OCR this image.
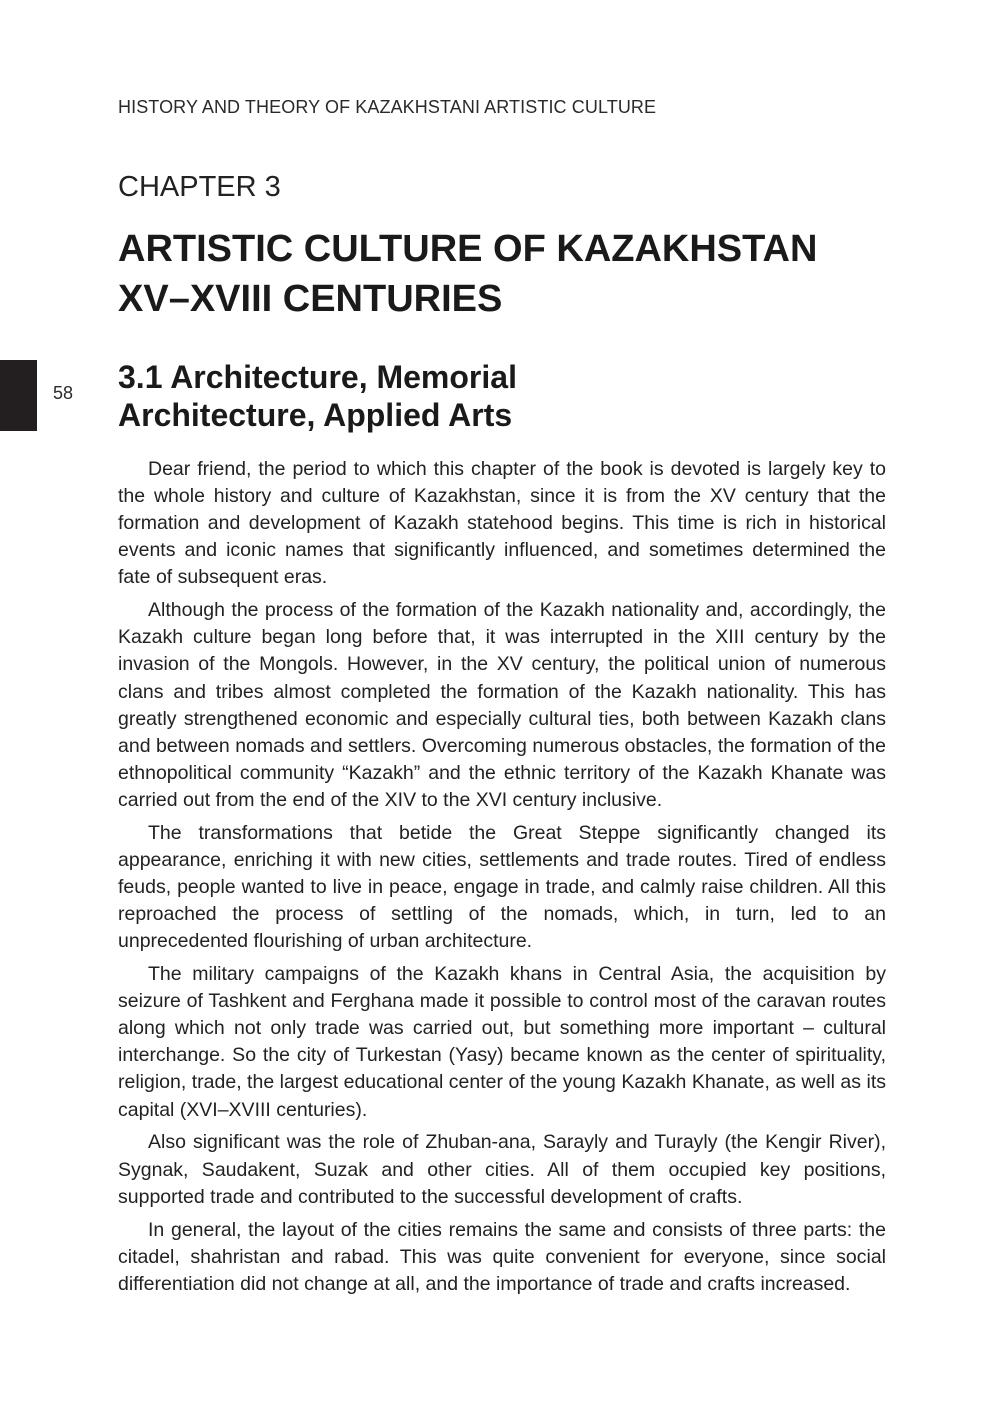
HISTORY AND THEORY OF KAZAKHSTANI ARTISTIC CULTURE
CHAPTER 3
ARTISTIC CULTURE OF KAZAKHSTAN
XV–XVIII CENTURIES
58 3.1 Architecture, Memorial
Architecture, Applied Arts

Dear friend, the period to which this chapter of the book is devoted is largely key to the whole history and culture of Kazakhstan, since it is from the XV century that the formation and development of Kazakh statehood begins. This time is rich in historical events and iconic names that significantly influenced, and sometimes determined the fate of subsequent eras.

Although the process of the formation of the Kazakh nationality and, accordingly, the Kazakh culture began long before that, it was interrupted in the XIII century by the invasion of the Mongols. However, in the XV century, the political union of numerous clans and tribes almost completed the formation of the Kazakh nationality. This has greatly strengthened economic and especially cultural ties, both between Kazakh clans and between nomads and settlers. Overcoming numerous obstacles, the formation of the ethnopolitical community “Kazakh” and the ethnic territory of the Kazakh Khanate was carried out from the end of the XIV to the XVI century inclusive.

The transformations that betide the Great Steppe significantly changed its appearance, enriching it with new cities, settlements and trade routes. Tired of endless feuds, people wanted to live in peace, engage in trade, and calmly raise children. All this reproached the process of settling of the nomads, which, in turn, led to an unprecedented flourishing of urban architecture.

The military campaigns of the Kazakh khans in Central Asia, the acquisition by seizure of Tashkent and Ferghana made it possible to control most of the caravan routes along which not only trade was carried out, but something more important – cultural interchange. So the city of Turkestan (Yasy) became known as the center of spirituality, religion, trade, the largest educational center of the young Kazakh Khanate, as well as its capital (XVI–XVIII centuries).

Also significant was the role of Zhuban-ana, Sarayly and Turayly (the Kengir River), Sygnak, Saudakent, Suzak and other cities. All of them occupied key positions, supported trade and contributed to the successful development of crafts.

In general, the layout of the cities remains the same and consists of three parts: the citadel, shahristan and rabad. This was quite convenient for everyone, since social differentiation did not change at all, and the importance of trade and crafts increased.
